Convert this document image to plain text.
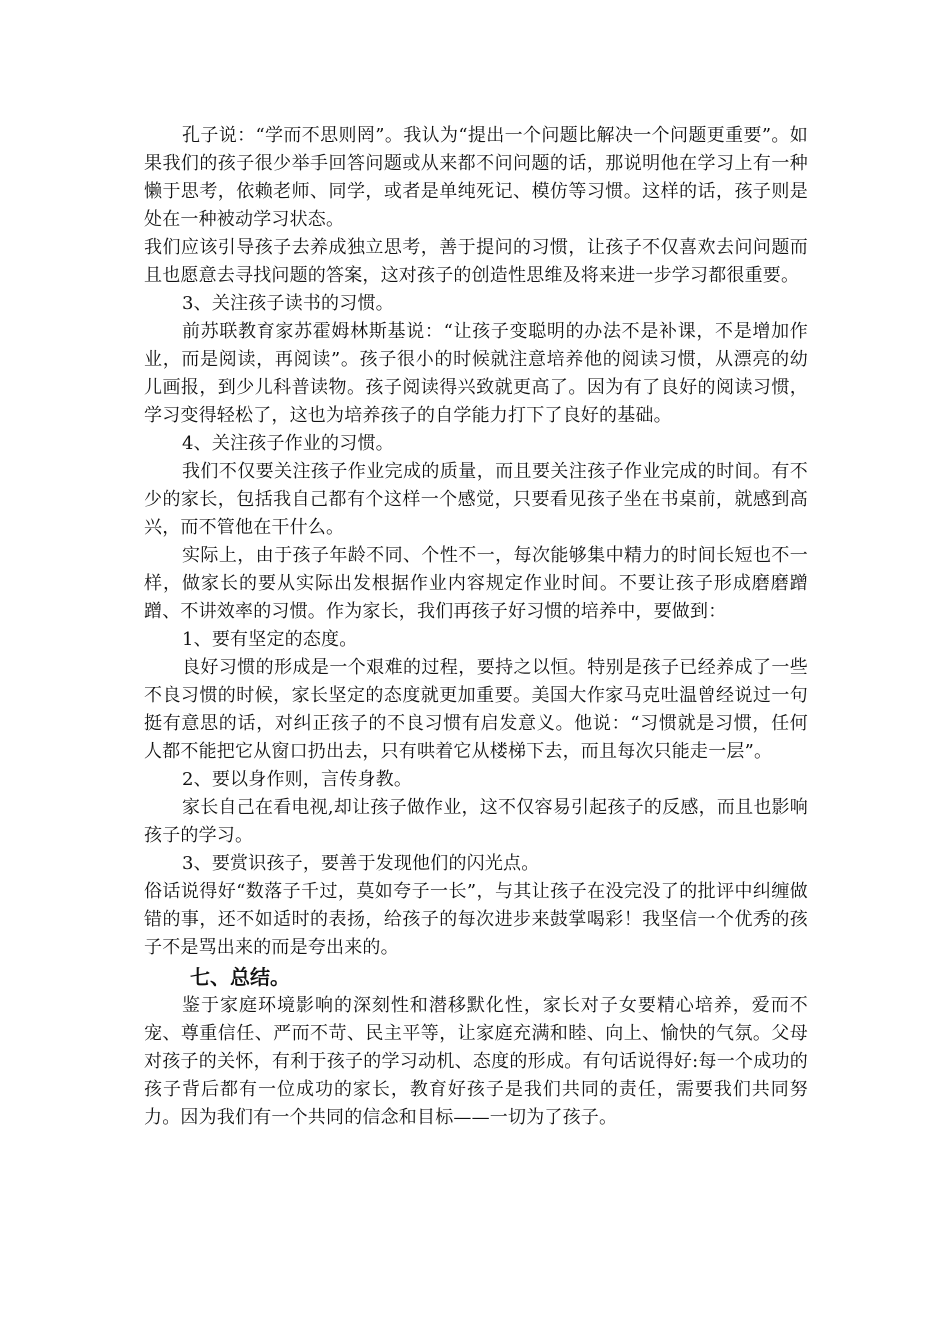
孔子说：“学而不思则罔”。我认为“提出一个问题比解决一个问题更重要”。如果我们的孩子很少举手回答问题或从来都不问问题的话，那说明他在学习上有一种懒于思考，依赖老师、同学，或者是单纯死记、模仿等习惯。这样的话，孩子则是处在一种被动学习状态。

我们应该引导孩子去养成独立思考，善于提问的习惯，让孩子不仅喜欢去问问题而且也愿意去寻找问题的答案，这对孩子的创造性思维及将来进一步学习都很重要。

3、关注孩子读书的习惯。

前苏联教育家苏霍姆林斯基说：“让孩子变聪明的办法不是补课，不是增加作业，而是阅读，再阅读”。孩子很小的时候就注意培养他的阅读习惯，从漂亮的幼儿画报，到少儿科普读物。孩子阅读得兴致就更高了。因为有了良好的阅读习惯，学习变得轻松了，这也为培养孩子的自学能力打下了良好的基础。

4、关注孩子作业的习惯。

我们不仅要关注孩子作业完成的质量，而且要关注孩子作业完成的时间。有不少的家长，包括我自己都有个这样一个感觉，只要看见孩子坐在书桌前，就感到高兴，而不管他在干什么。

实际上，由于孩子年龄不同、个性不一，每次能够集中精力的时间长短也不一样，做家长的要从实际出发根据作业内容规定作业时间。不要让孩子形成磨磨蹭蹭、不讲效率的习惯。作为家长，我们再孩子好习惯的培养中，要做到：

1、要有坚定的态度。

良好习惯的形成是一个艰难的过程，要持之以恒。特别是孩子已经养成了一些不良习惯的时候，家长坚定的态度就更加重要。美国大作家马克吐温曾经说过一句挺有意思的话，对纠正孩子的不良习惯有启发意义。他说：“习惯就是习惯，任何人都不能把它从窗口扔出去，只有哄着它从楼梯下去，而且每次只能走一层”。

2、要以身作则，言传身教。

家长自己在看电视,却让孩子做作业，这不仅容易引起孩子的反感，而且也影响孩子的学习。

3、要赏识孩子，要善于发现他们的闪光点。

俗话说得好“数落子千过，莫如夸子一长”，与其让孩子在没完没了的批评中纠缠做错的事，还不如适时的表扬，给孩子的每次进步来鼓掌喝彩！我坚信一个优秀的孩子不是骂出来的而是夸出来的。

七、总结。

鉴于家庭环境影响的深刻性和潜移默化性，家长对子女要精心培养，爱而不宠、尊重信任、严而不苛、民主平等，让家庭充满和睦、向上、愉快的气氛。父母对孩子的关怀，有利于孩子的学习动机、态度的形成。有句话说得好:每一个成功的孩子背后都有一位成功的家长，教育好孩子是我们共同的责任，需要我们共同努力。因为我们有一个共同的信念和目标——一切为了孩子。
